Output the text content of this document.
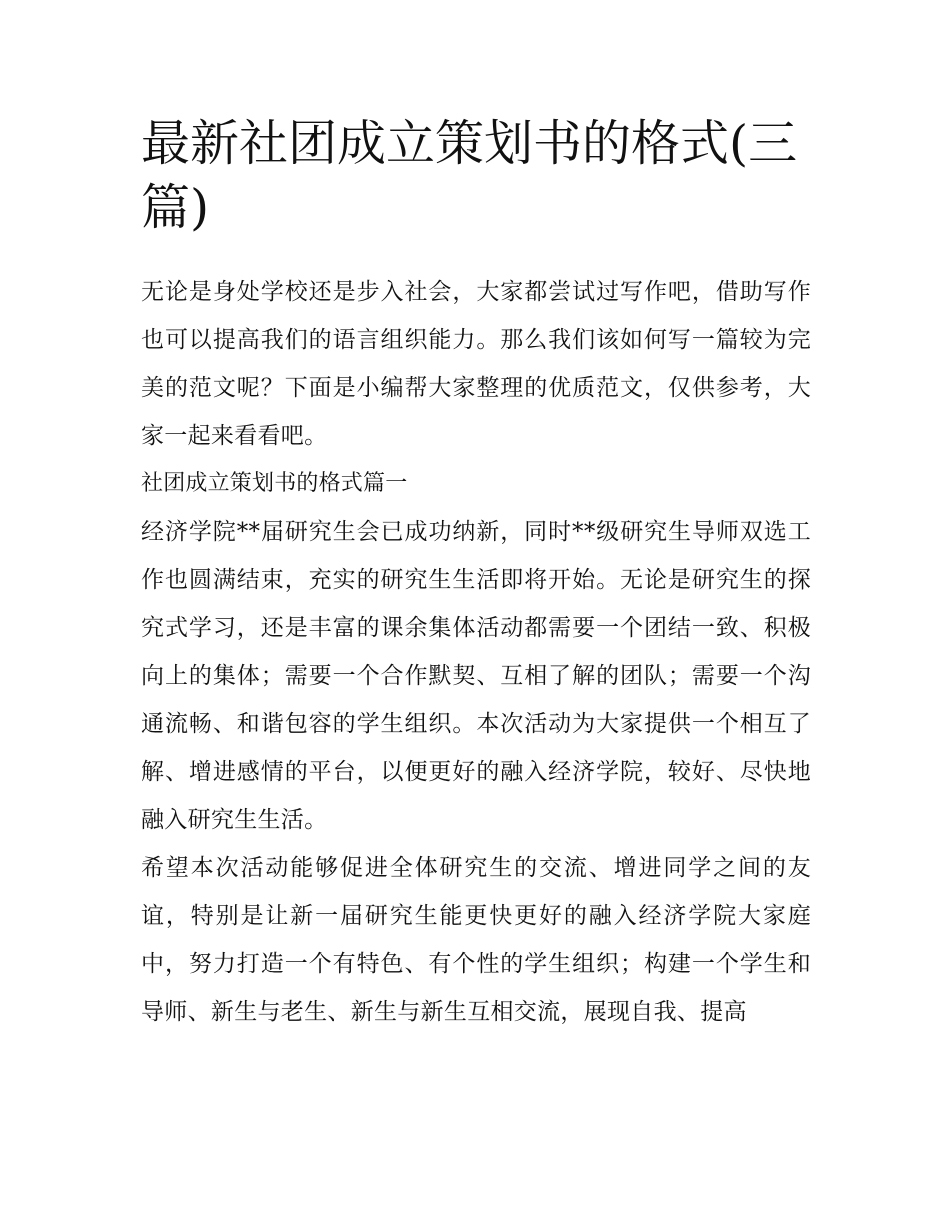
最新社团成立策划书的格式(三篇)

无论是身处学校还是步入社会，大家都尝试过写作吧，借助写作也可以提高我们的语言组织能力。那么我们该如何写一篇较为完美的范文呢？下面是小编帮大家整理的优质范文，仅供参考，大家一起来看看吧。

社团成立策划书的格式篇一

经济学院**届研究生会已成功纳新，同时**级研究生导师双选工作也圆满结束，充实的研究生生活即将开始。无论是研究生的探究式学习，还是丰富的课余集体活动都需要一个团结一致、积极向上的集体；需要一个合作默契、互相了解的团队；需要一个沟通流畅、和谐包容的学生组织。本次活动为大家提供一个相互了解、增进感情的平台，以便更好的融入经济学院，较好、尽快地融入研究生生活。

希望本次活动能够促进全体研究生的交流、增进同学之间的友谊，特别是让新一届研究生能更快更好的融入经济学院大家庭中，努力打造一个有特色、有个性的学生组织；构建一个学生和导师、新生与老生、新生与新生互相交流，展现自我、提高
